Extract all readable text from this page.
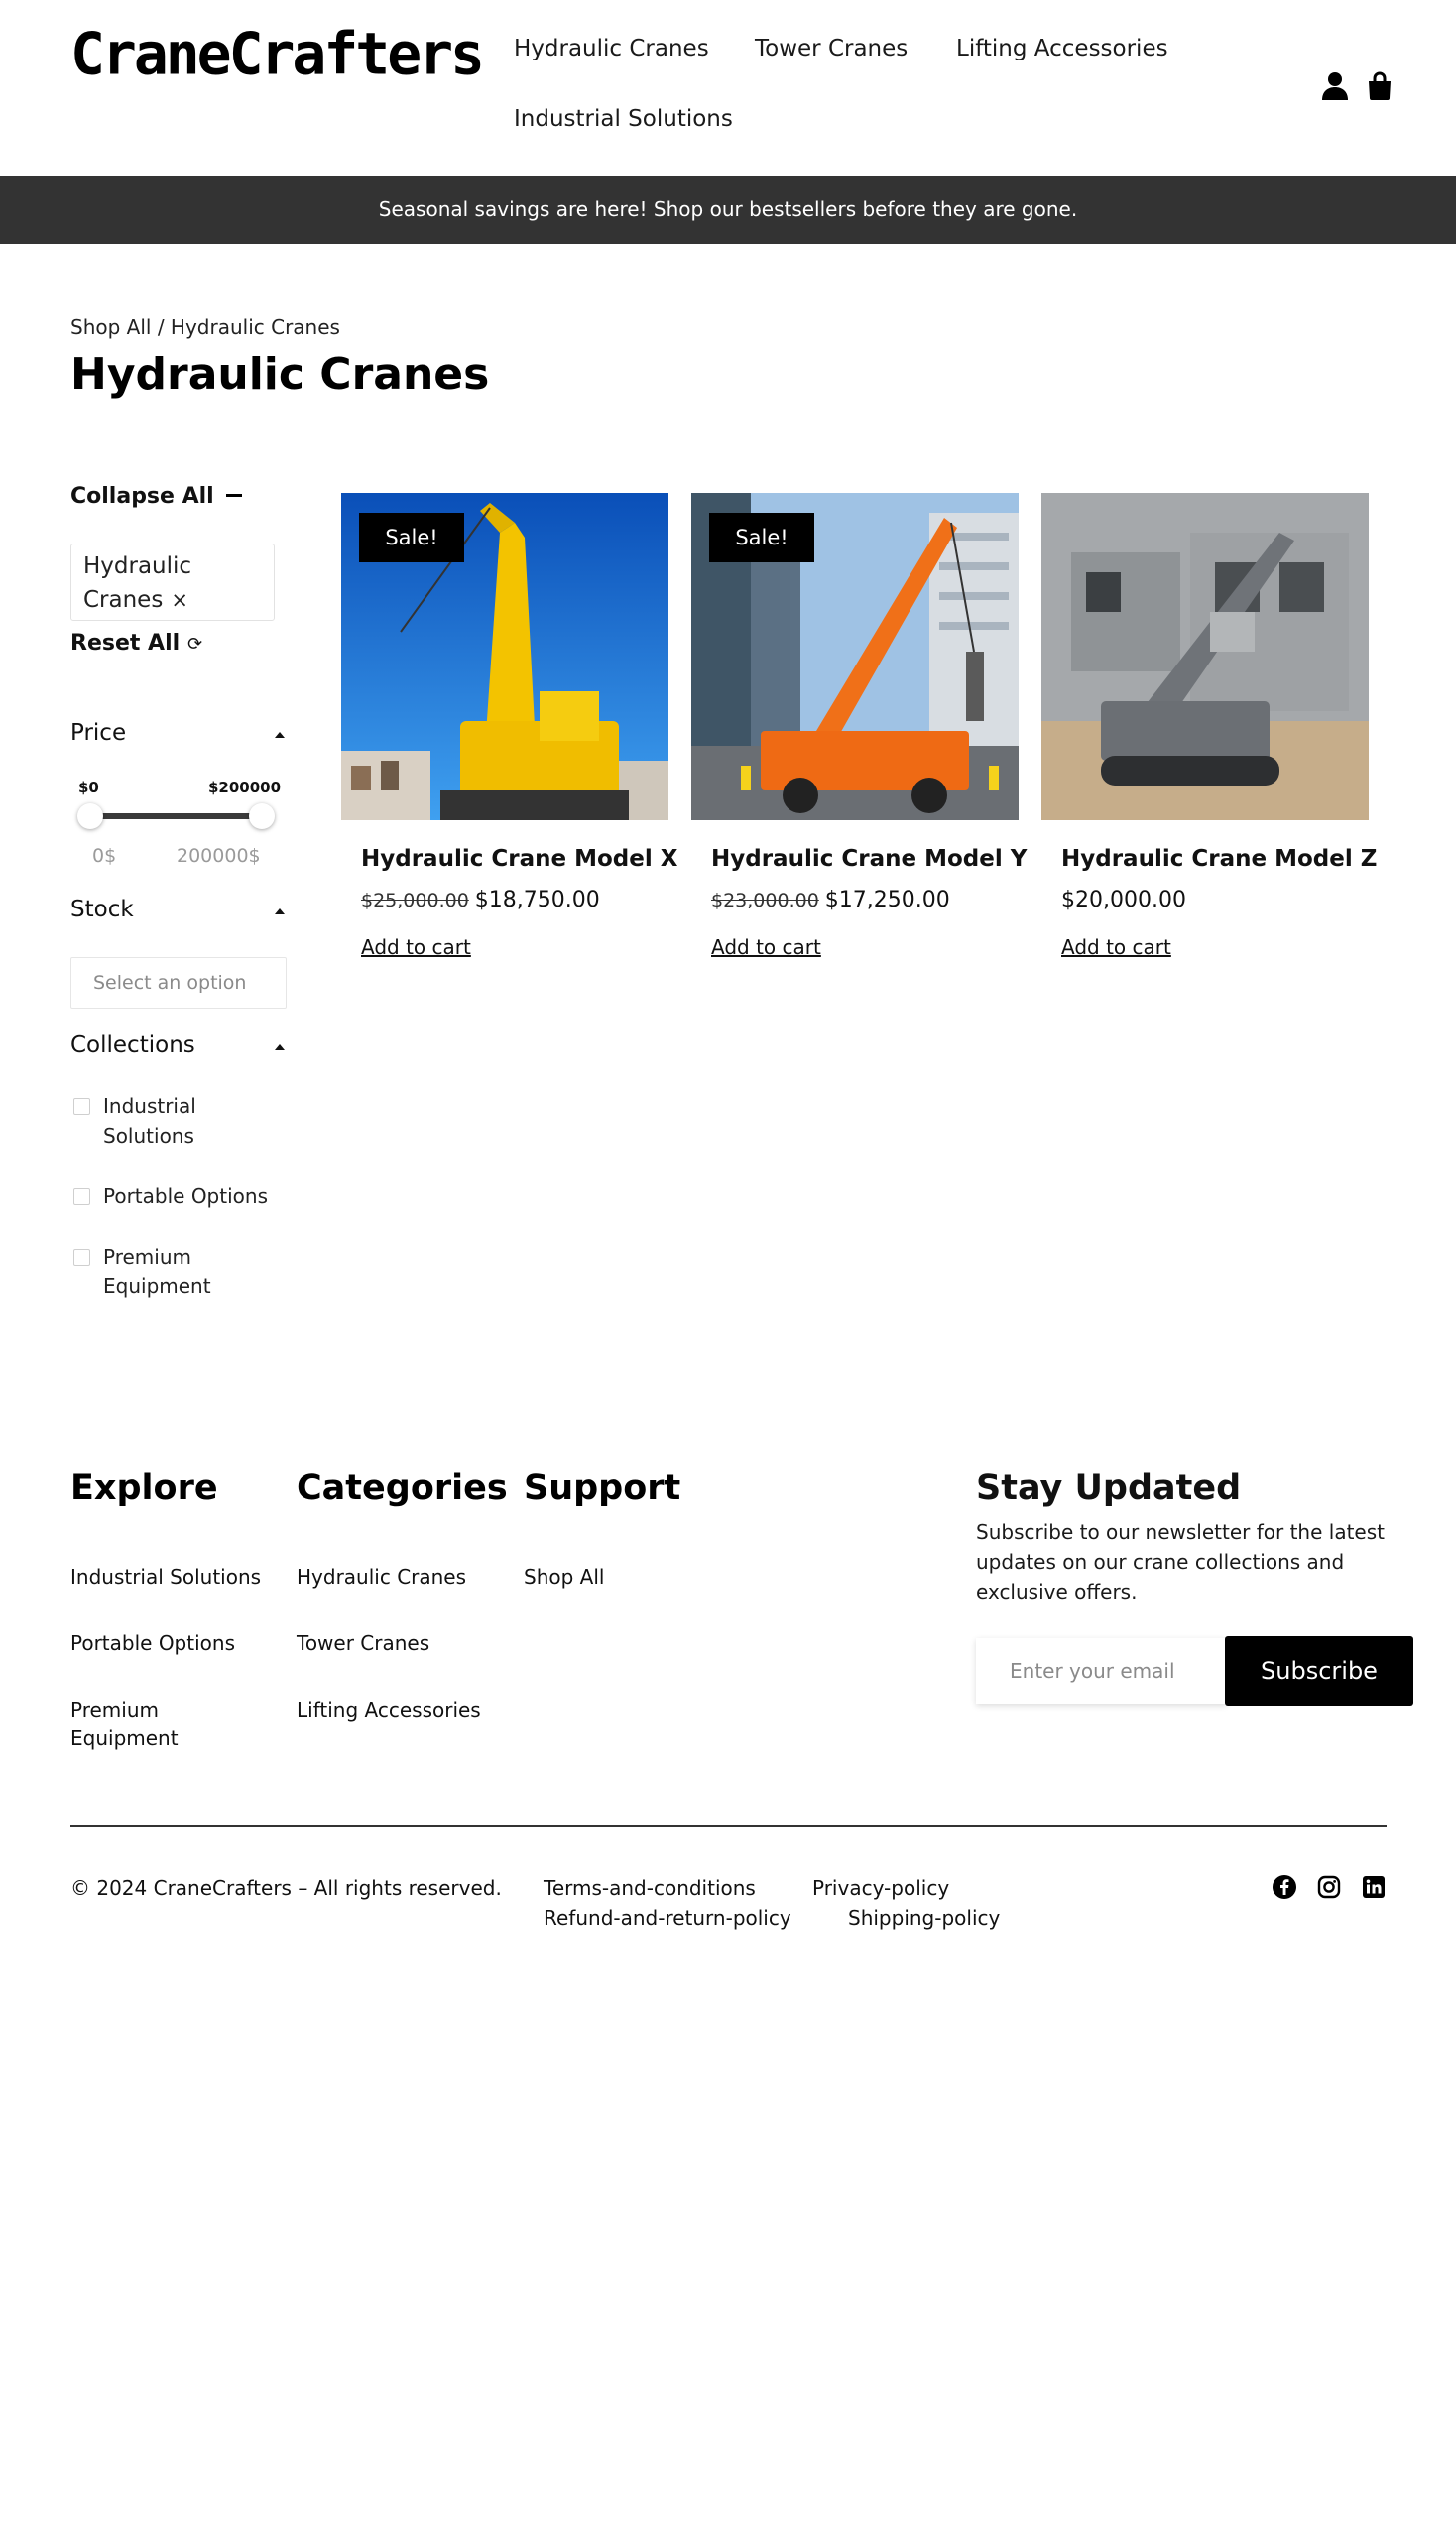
CraneCrafters Hydraulic Cranes Tower Cranes Lifting Accessories
Industrial Solutions
Seasonal savings are here! Shop our bestsellers before they are gone.
Shop All / Hydraulic Cranes
Hydraulic Cranes
Collapse All
Hydraulic Cranes ×
Reset All ⟳
Price
$0	$200000
0$	200000$
Stock
Select an option
Collections
Industrial Solutions
Portable Options
Premium Equipment
Sale!
Hydraulic Crane Model X
$25,000.00 $18,750.00
Add to cart
Sale!
Hydraulic Crane Model Y
$23,000.00 $17,250.00
Add to cart
Hydraulic Crane Model Z
$20,000.00
Add to cart
Explore
Industrial Solutions
Portable Options
Premium Equipment
Categories
Hydraulic Cranes
Tower Cranes
Lifting Accessories
Support
Shop All
Stay Updated

Subscribe to our newsletter for the latest updates on our crane collections and exclusive offers.

Enter your email
Subscribe
© 2024 CraneCrafters – All rights reserved. Terms-and-conditions	Privacy-policy
Refund-and-return-policy	Shipping-policy
